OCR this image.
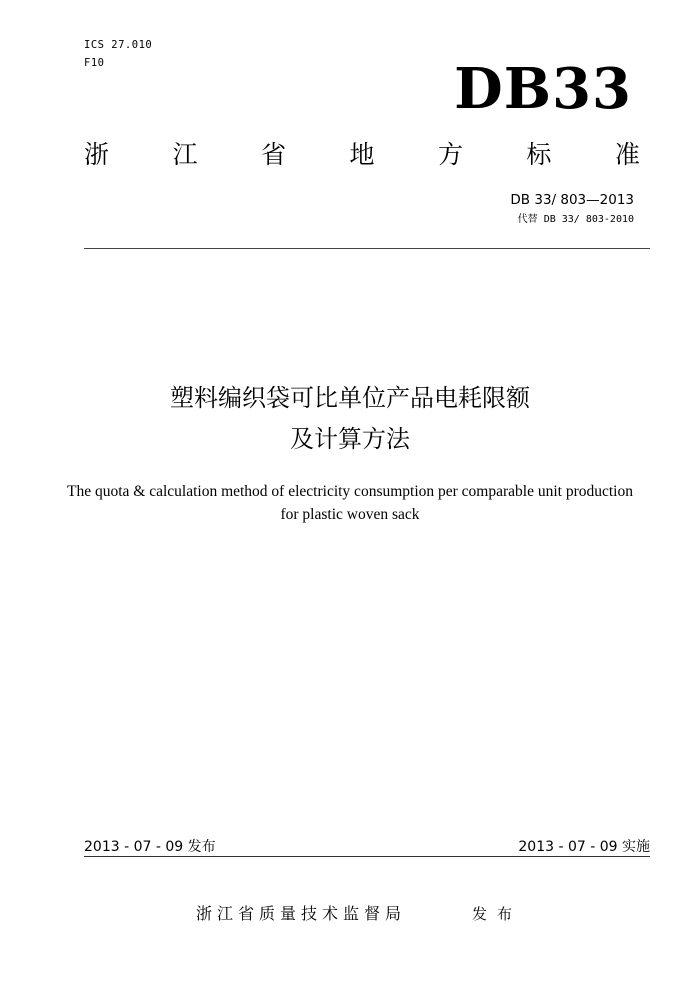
ICS 27.010
F10	DB33
浙	江	省	地	方	标	准
DB 33/ 803—2013
代替 DB 33/ 803-2010
塑料编织袋可比单位产品电耗限额
及计算方法
The quota & calculation method of electricity consumption per comparable unit production for plastic woven sack
2013 - 07 - 09 发布	2013 - 07 - 09 实施
浙江省质量技术监督局	发布
